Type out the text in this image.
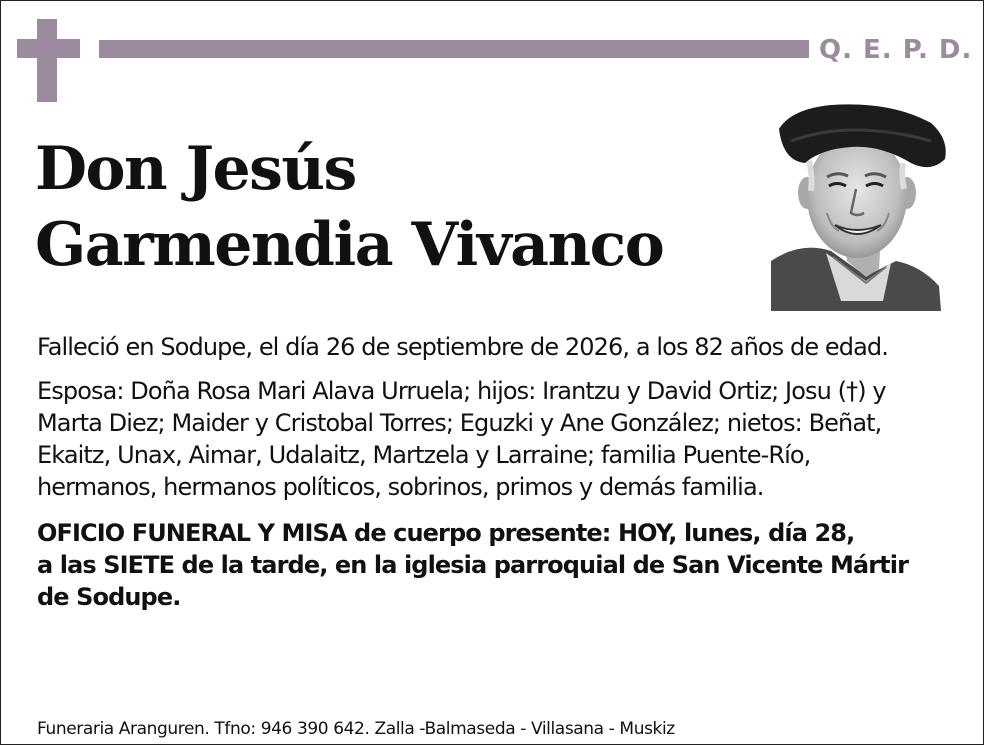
Q. E. P. D.
Don Jesús
Garmendia Vivanco

Falleció en Sodupe, el día 26 de septiembre de 2026, a los 82 años de edad.

Esposa: Doña Rosa Mari Alava Urruela; hijos: Irantzu y David Ortiz; Josu (†) y
Marta Diez; Maider y Cristobal Torres; Eguzki y Ane González; nietos: Beñat,
Ekaitz, Unax, Aimar, Udalaitz, Martzela y Larraine; familia Puente-Río,
hermanos, hermanos políticos, sobrinos, primos y demás familia.

OFICIO FUNERAL Y MISA de cuerpo presente: HOY, lunes, día 28,
a las SIETE de la tarde, en la iglesia parroquial de San Vicente Mártir
de Sodupe.

Funeraria Aranguren. Tfno: 946 390 642. Zalla -Balmaseda - Villasana - Muskiz
